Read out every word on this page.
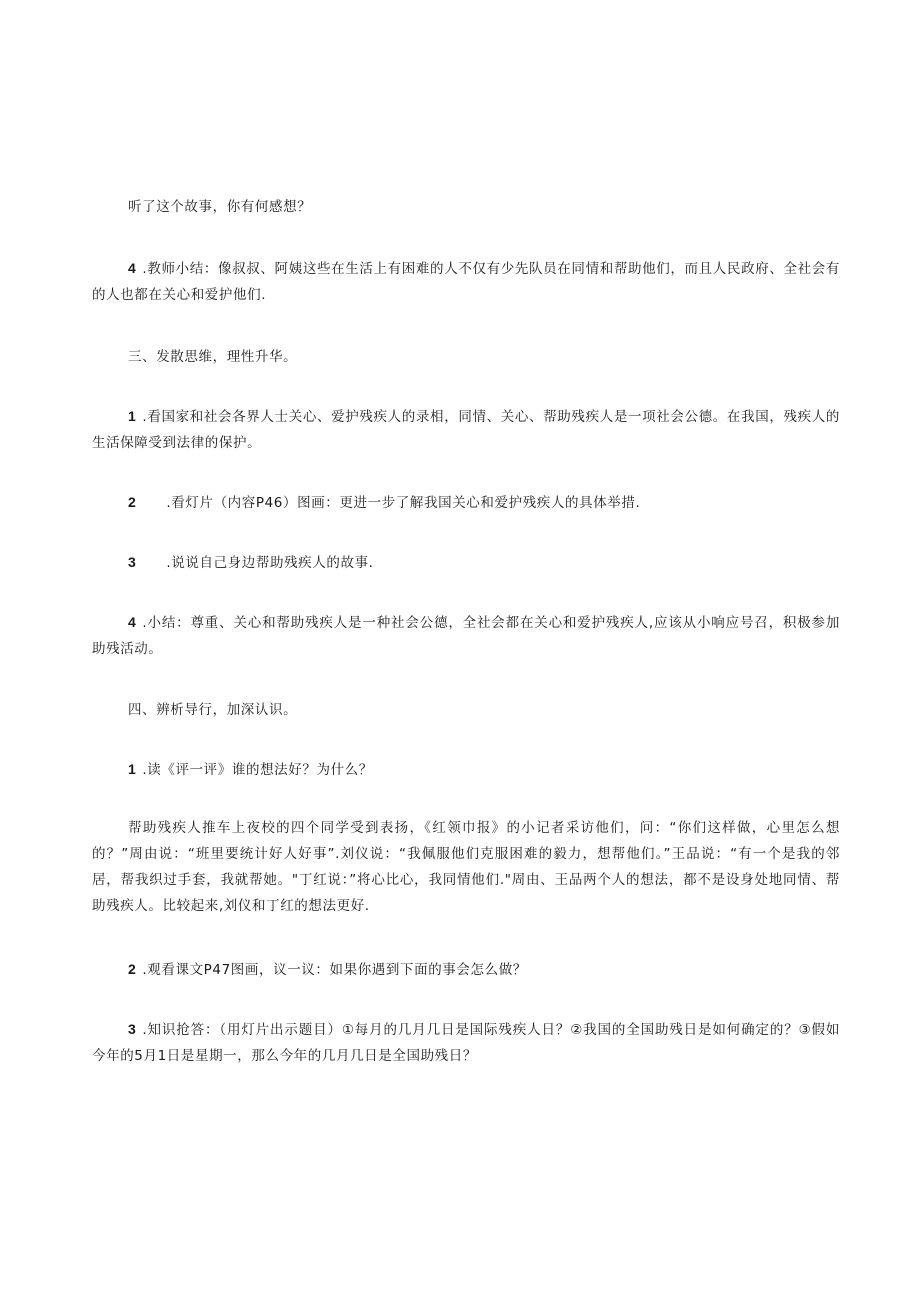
听了这个故事，你有何感想？
4 .教师小结：像叔叔、阿姨这些在生活上有困难的人不仅有少先队员在同情和帮助他们，而且人民政府、全社会有的人也都在关心和爱护他们.
三、发散思维，理性升华。
1 .看国家和社会各界人士关心、爱护残疾人的录相，同情、关心、帮助残疾人是一项社会公德。在我国，残疾人的生活保障受到法律的保护。
2 .看灯片（内容P46）图画：更进一步了解我国关心和爱护残疾人的具体举措.
3 .说说自己身边帮助残疾人的故事.
4 .小结：尊重、关心和帮助残疾人是一种社会公德，全社会都在关心和爱护残疾人,应该从小响应号召，积极参加助残活动。
四、辨析导行，加深认识。
1 .读《评一评》谁的想法好？为什么？
帮助残疾人推车上夜校的四个同学受到表扬，《红领巾报》的小记者采访他们，问：“你们这样做，心里怎么想的？”周由说：“班里要统计好人好事”.刘仪说：“我佩服他们克服困难的毅力，想帮他们。”王品说：“有一个是我的邻居，帮我织过手套，我就帮她。"丁红说：”将心比心，我同情他们."周由、王品两个人的想法，都不是设身处地同情、帮助残疾人。比较起来,刘仪和丁红的想法更好.
2 .观看课文P47图画，议一议：如果你遇到下面的事会怎么做？
3 .知识抢答：（用灯片出示题目）①每月的几月几日是国际残疾人日？②我国的全国助残日是如何确定的？③假如今年的5月1日是星期一，那么今年的几月几日是全国助残日？
